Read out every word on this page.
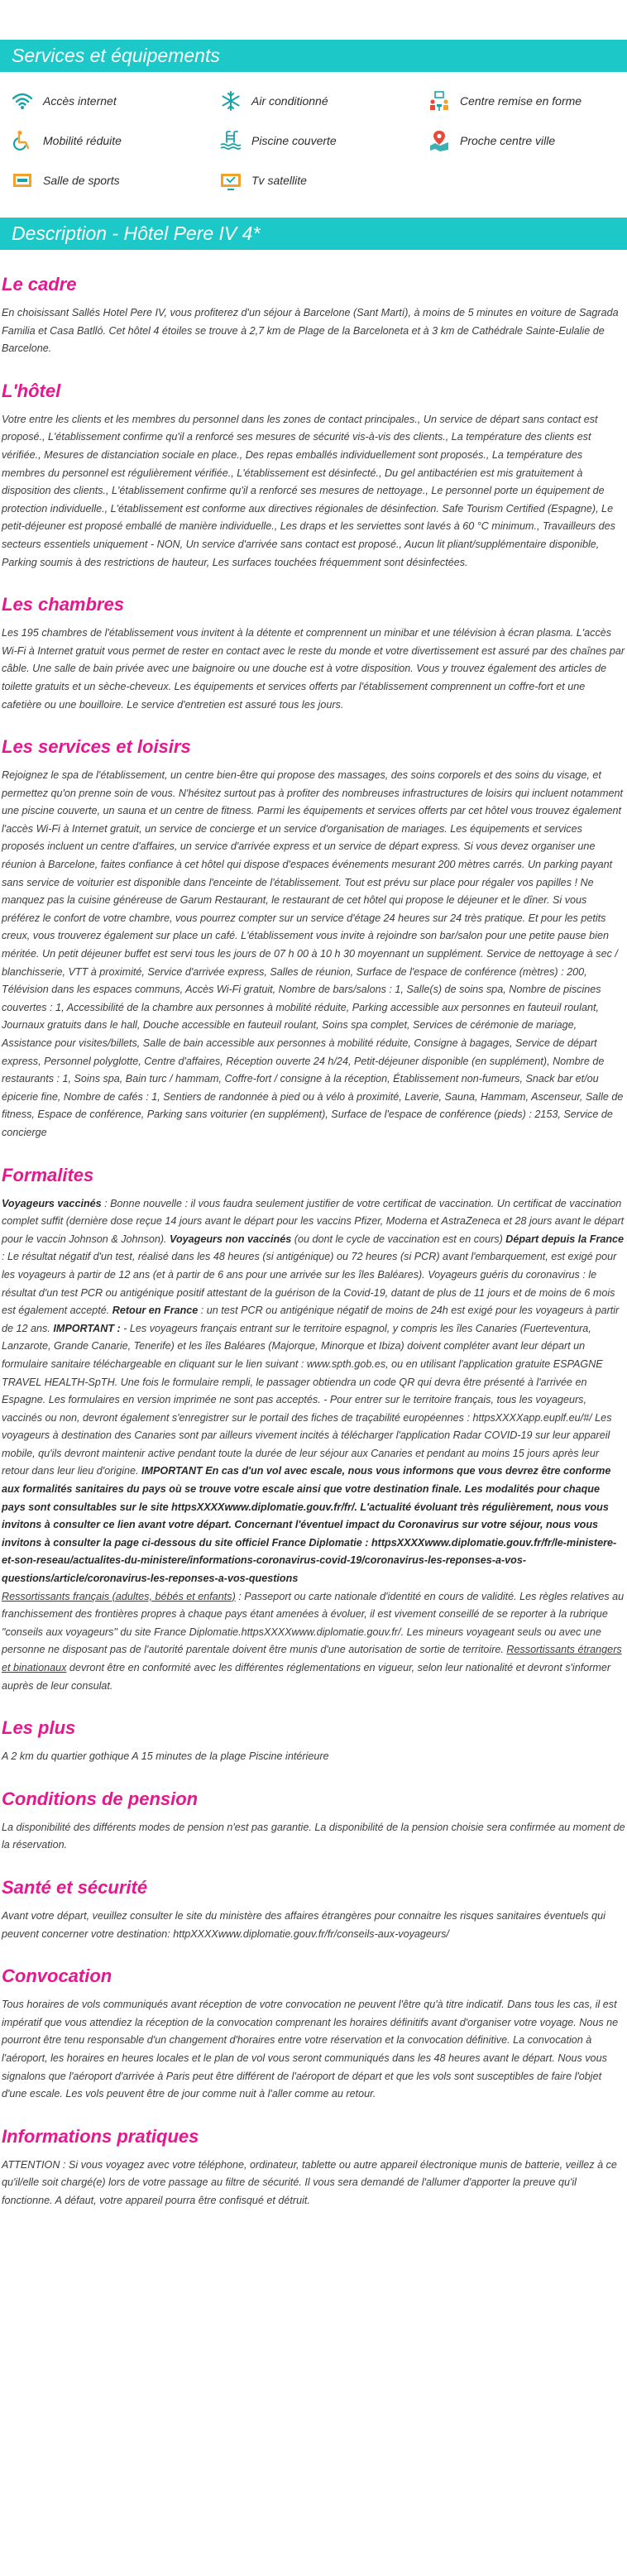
Services et équipements
Accès internet	Air conditionné	Centre remise en forme
Mobilité réduite	Piscine couverte	Proche centre ville
Salle de sports	Tv satellite
Description - Hôtel Pere IV 4*
Le cadre

En choisissant Sallés Hotel Pere IV, vous profiterez d'un séjour à Barcelone (Sant Martí), à moins de 5 minutes en voiture de Sagrada Familia et Casa Batlló. Cet hôtel 4 étoiles se trouve à 2,7 km de Plage de la Barceloneta et à 3 km de Cathédrale Sainte-Eulalie de Barcelone.

L'hôtel

Votre entre les clients et les membres du personnel dans les zones de contact principales., Un service de départ sans contact est proposé., L'établissement confirme qu'il a renforcé ses mesures de sécurité vis-à-vis des clients., La température des clients est vérifiée., Mesures de distanciation sociale en place., Des repas emballés individuellement sont proposés., La température des membres du personnel est régulièrement vérifiée., L'établissement est désinfecté., Du gel antibactérien est mis gratuitement à disposition des clients., L'établissement confirme qu'il a renforcé ses mesures de nettoyage., Le personnel porte un équipement de protection individuelle., L'établissement est conforme aux directives régionales de désinfection. Safe Tourism Certified (Espagne), Le petit-déjeuner est proposé emballé de manière individuelle., Les draps et les serviettes sont lavés à 60 °C minimum., Travailleurs des secteurs essentiels uniquement - NON, Un service d'arrivée sans contact est proposé., Aucun lit pliant/supplémentaire disponible, Parking soumis à des restrictions de hauteur, Les surfaces touchées fréquemment sont désinfectées.

Les chambres

Les 195 chambres de l'établissement vous invitent à la détente et comprennent un minibar et une télévision à écran plasma. L'accès Wi-Fi à Internet gratuit vous permet de rester en contact avec le reste du monde et votre divertissement est assuré par des chaînes par câble. Une salle de bain privée avec une baignoire ou une douche est à votre disposition. Vous y trouvez également des articles de toilette gratuits et un sèche-cheveux. Les équipements et services offerts par l'établissement comprennent un coffre-fort et une cafetière ou une bouilloire. Le service d'entretien est assuré tous les jours.

Les services et loisirs

Rejoignez le spa de l'établissement, un centre bien-être qui propose des massages, des soins corporels et des soins du visage, et permettez qu'on prenne soin de vous. N'hésitez surtout pas à profiter des nombreuses infrastructures de loisirs qui incluent notamment une piscine couverte, un sauna et un centre de fitness. Parmi les équipements et services offerts par cet hôtel vous trouvez également l'accès Wi-Fi à Internet gratuit, un service de concierge et un service d'organisation de mariages. Les équipements et services proposés incluent un centre d'affaires, un service d'arrivée express et un service de départ express. Si vous devez organiser une réunion à Barcelone, faites confiance à cet hôtel qui dispose d'espaces événements mesurant 200 mètres carrés. Un parking payant sans service de voiturier est disponible dans l'enceinte de l'établissement. Tout est prévu sur place pour régaler vos papilles ! Ne manquez pas la cuisine généreuse de Garum Restaurant, le restaurant de cet hôtel qui propose le déjeuner et le dîner. Si vous préférez le confort de votre chambre, vous pourrez compter sur un service d'étage 24 heures sur 24 très pratique. Et pour les petits creux, vous trouverez également sur place un café. L'établissement vous invite à rejoindre son bar/salon pour une petite pause bien méritée. Un petit déjeuner buffet est servi tous les jours de 07 h 00 à 10 h 30 moyennant un supplément. Service de nettoyage à sec / blanchisserie, VTT à proximité, Service d'arrivée express, Salles de réunion, Surface de l'espace de conférence (mètres) : 200, Télévision dans les espaces communs, Accès Wi-Fi gratuit, Nombre de bars/salons : 1, Salle(s) de soins spa, Nombre de piscines couvertes : 1, Accessibilité de la chambre aux personnes à mobilité réduite, Parking accessible aux personnes en fauteuil roulant, Journaux gratuits dans le hall, Douche accessible en fauteuil roulant, Soins spa complet, Services de cérémonie de mariage, Assistance pour visites/billets, Salle de bain accessible aux personnes à mobilité réduite, Consigne à bagages, Service de départ express, Personnel polyglotte, Centre d'affaires, Réception ouverte 24 h/24, Petit-déjeuner disponible (en supplément), Nombre de restaurants : 1, Soins spa, Bain turc / hammam, Coffre-fort / consigne à la réception, Établissement non-fumeurs, Snack bar et/ou épicerie fine, Nombre de cafés : 1, Sentiers de randonnée à pied ou à vélo à proximité, Laverie, Sauna, Hammam, Ascenseur, Salle de fitness, Espace de conférence, Parking sans voiturier (en supplément), Surface de l'espace de conférence (pieds) : 2153, Service de concierge

Formalites

Voyageurs vaccinés : Bonne nouvelle : il vous faudra seulement justifier de votre certificat de vaccination. Un certificat de vaccination complet suffit (dernière dose reçue 14 jours avant le départ pour les vaccins Pfizer, Moderna et AstraZeneca et 28 jours avant le départ pour le vaccin Johnson & Johnson). Voyageurs non vaccinés (ou dont le cycle de vaccination est en cours) Départ depuis la France : Le résultat négatif d'un test, réalisé dans les 48 heures (si antigénique) ou 72 heures (si PCR) avant l'embarquement, est exigé pour les voyageurs à partir de 12 ans (et à partir de 6 ans pour une arrivée sur les îles Baléares). Voyageurs guéris du coronavirus : le résultat d'un test PCR ou antigénique positif attestant de la guérison de la Covid-19, datant de plus de 11 jours et de moins de 6 mois est également accepté. Retour en France : un test PCR ou antigénique négatif de moins de 24h est exigé pour les voyageurs à partir de 12 ans. IMPORTANT : - Les voyageurs français entrant sur le territoire espagnol, y compris les îles Canaries (Fuerteventura, Lanzarote, Grande Canarie, Tenerife) et les îles Baléares (Majorque, Minorque et Ibiza) doivent compléter avant leur départ un formulaire sanitaire téléchargeable en cliquant sur le lien suivant : www.spth.gob.es, ou en utilisant l'application gratuite ESPAGNE TRAVEL HEALTH-SpTH. Une fois le formulaire rempli, le passager obtiendra un code QR qui devra être présenté à l'arrivée en Espagne. Les formulaires en version imprimée ne sont pas acceptés. - Pour entrer sur le territoire français, tous les voyageurs, vaccinés ou non, devront également s'enregistrer sur le portail des fiches de traçabilité européennes : httpsXXXXapp.euplf.eu/#/ Les voyageurs à destination des Canaries sont par ailleurs vivement incités à télécharger l'application Radar COVID-19 sur leur appareil mobile, qu'ils devront maintenir active pendant toute la durée de leur séjour aux Canaries et pendant au moins 15 jours après leur retour dans leur lieu d'origine. IMPORTANT En cas d'un vol avec escale, nous vous informons que vous devrez être conforme aux formalités sanitaires du pays où se trouve votre escale ainsi que votre destination finale. Les modalités pour chaque pays sont consultables sur le site httpsXXXXwww.diplomatie.gouv.fr/fr/. L'actualité évoluant très régulièrement, nous vous invitons à consulter ce lien avant votre départ. Concernant l'éventuel impact du Coronavirus sur votre séjour, nous vous invitons à consulter la page ci-dessous du site officiel France Diplomatie : httpsXXXXwww.diplomatie.gouv.fr/fr/le-ministere-et-son-reseau/actualites-du-ministere/informations-coronavirus-covid-19/coronavirus-les-reponses-a-vos-questions/article/coronavirus-les-reponses-a-vos-questions
Ressortissants français (adultes, bébés et enfants) : Passeport ou carte nationale d'identité en cours de validité. Les règles relatives au franchissement des frontières propres à chaque pays étant amenées à évoluer, il est vivement conseillé de se reporter à la rubrique "conseils aux voyageurs" du site France Diplomatie.httpsXXXXwww.diplomatie.gouv.fr/. Les mineurs voyageant seuls ou avec une personne ne disposant pas de l'autorité parentale doivent être munis d'une autorisation de sortie de territoire. Ressortissants étrangers et binationaux devront être en conformité avec les différentes réglementations en vigueur, selon leur nationalité et devront s'informer auprès de leur consulat.

Les plus

A 2 km du quartier gothique A 15 minutes de la plage Piscine intérieure

Conditions de pension

La disponibilité des différents modes de pension n'est pas garantie. La disponibilité de la pension choisie sera confirmée au moment de la réservation.

Santé et sécurité

Avant votre départ, veuillez consulter le site du ministère des affaires étrangères pour connaitre les risques sanitaires éventuels qui peuvent concerner votre destination: httpXXXXwww.diplomatie.gouv.fr/fr/conseils-aux-voyageurs/

Convocation

Tous horaires de vols communiqués avant réception de votre convocation ne peuvent l'être qu'à titre indicatif. Dans tous les cas, il est impératif que vous attendiez la réception de la convocation comprenant les horaires définitifs avant d'organiser votre voyage. Nous ne pourront être tenu responsable d'un changement d'horaires entre votre réservation et la convocation définitive. La convocation à l'aéroport, les horaires en heures locales et le plan de vol vous seront communiqués dans les 48 heures avant le départ. Nous vous signalons que l'aéroport d'arrivée à Paris peut être différent de l'aéroport de départ et que les vols sont susceptibles de faire l'objet d'une escale. Les vols peuvent être de jour comme nuit à l'aller comme au retour.

Informations pratiques

ATTENTION : Si vous voyagez avec votre téléphone, ordinateur, tablette ou autre appareil électronique munis de batterie, veillez à ce qu'il/elle soit chargé(e) lors de votre passage au filtre de sécurité. Il vous sera demandé de l'allumer d'apporter la preuve qu'il fonctionne. A défaut, votre appareil pourra être confisqué et détruit.
